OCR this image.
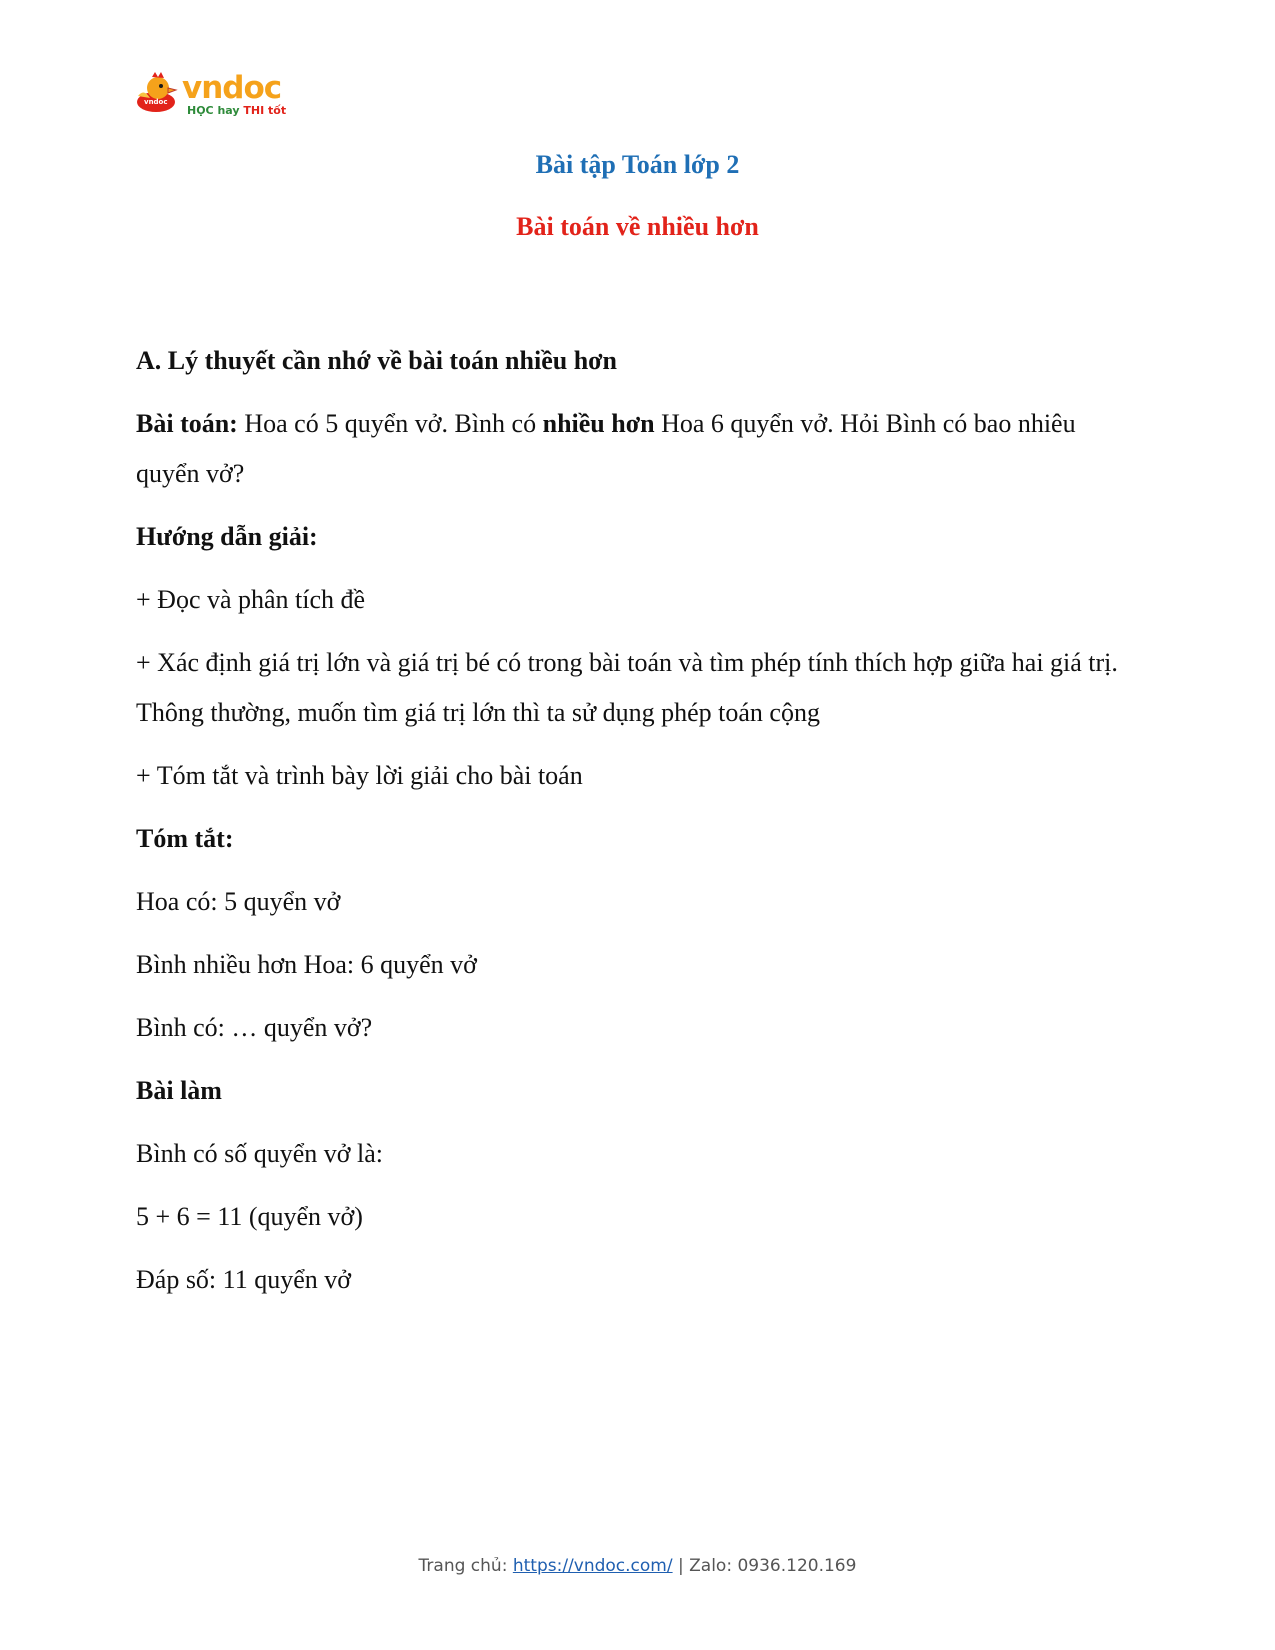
vndoc vndoc
HỌC hay THI tốt
Bài tập Toán lớp 2
Bài toán về nhiều hơn

A. Lý thuyết cần nhớ về bài toán nhiều hơn

Bài toán: Hoa có 5 quyển vở. Bình có nhiều hơn Hoa 6 quyển vở. Hỏi Bình có bao nhiêu quyển vở?

Hướng dẫn giải:

+ Đọc và phân tích đề

+ Xác định giá trị lớn và giá trị bé có trong bài toán và tìm phép tính thích hợp giữa hai giá trị. Thông thường, muốn tìm giá trị lớn thì ta sử dụng phép toán cộng

+ Tóm tắt và trình bày lời giải cho bài toán

Tóm tắt:

Hoa có: 5 quyển vở

Bình nhiều hơn Hoa: 6 quyển vở

Bình có: … quyển vở?

Bài làm

Bình có số quyển vở là:

5 + 6 = 11 (quyển vở)

Đáp số: 11 quyển vở

Trang chủ: https://vndoc.com/ | Zalo: 0936.120.169
